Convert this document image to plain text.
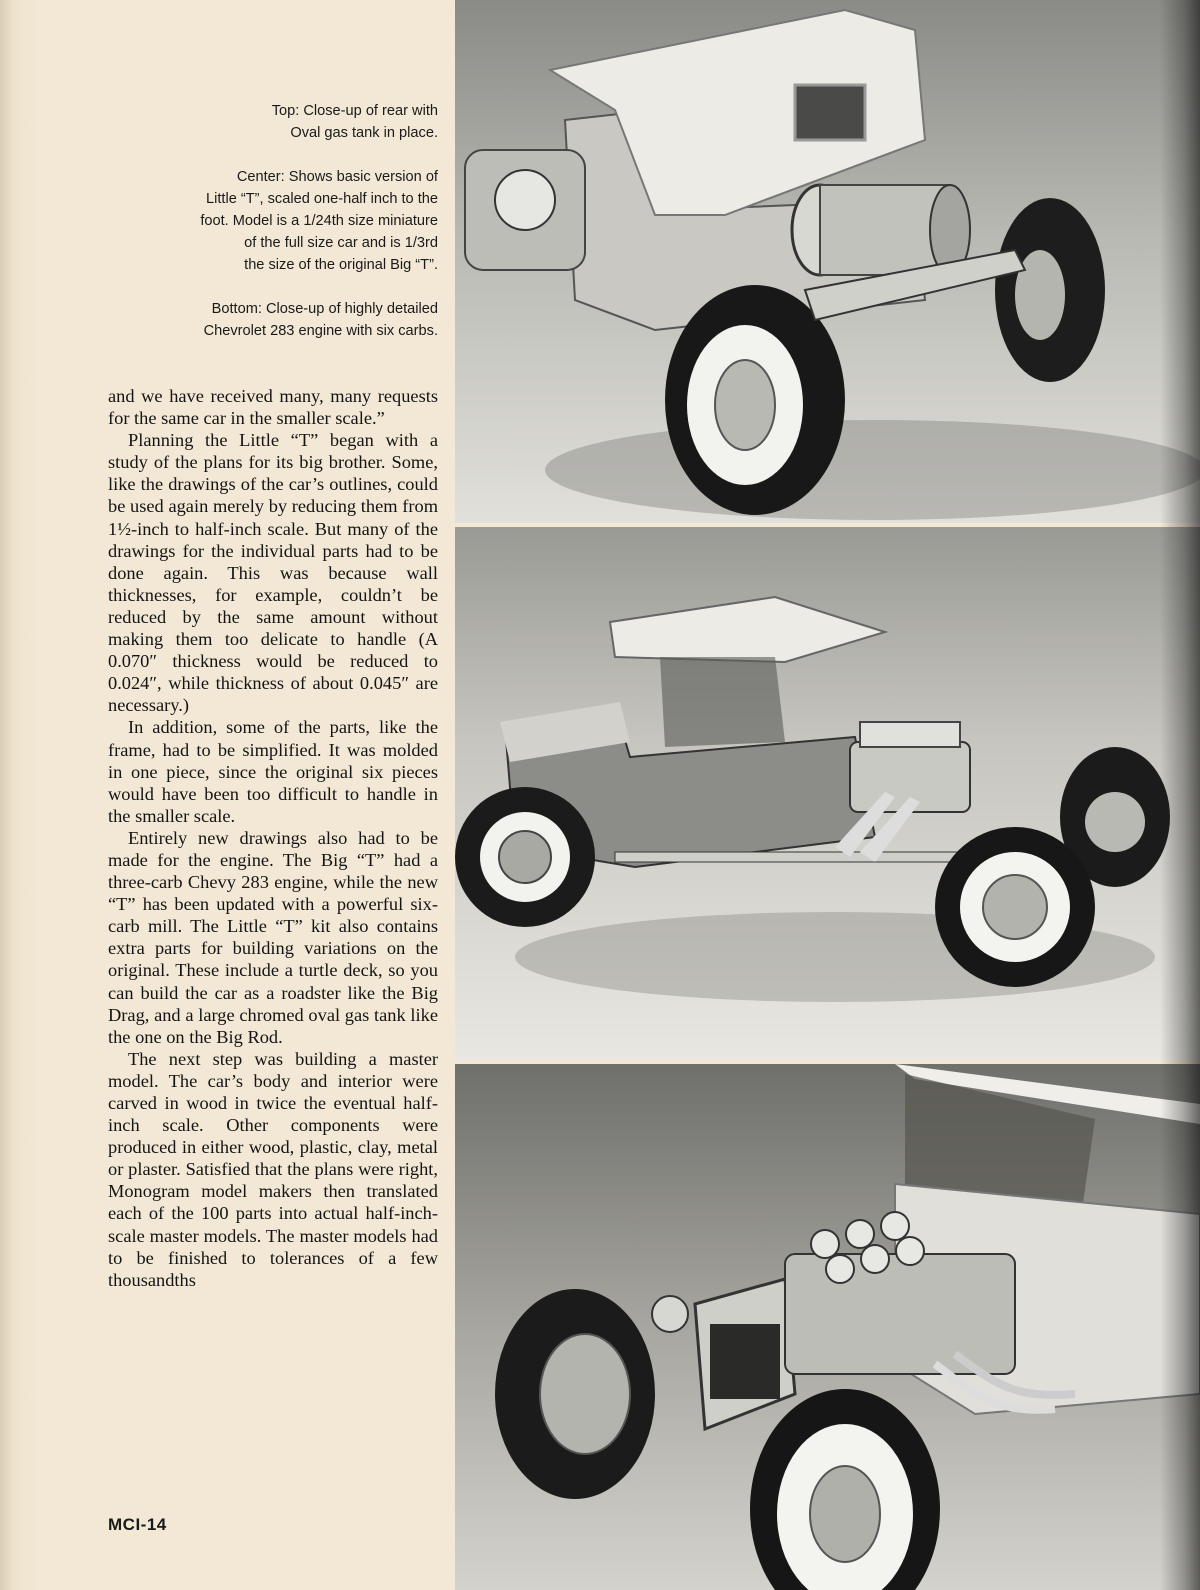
Top: Close-up of rear with
Oval gas tank in place.

Center: Shows basic version of
Little “T”, scaled one-half inch to the
foot. Model is a 1/24th size miniature
of the full size car and is 1/3rd
the size of the original Big “T”.

Bottom: Close-up of highly detailed
Chevrolet 283 engine with six carbs.

and we have received many, many requests for the same car in the smaller scale.”

Planning the Little “T” began with a study of the plans for its big brother. Some, like the drawings of the car’s outlines, could be used again merely by reducing them from 1½-inch to half-inch scale. But many of the drawings for the individual parts had to be done again. This was because wall thicknesses, for example, couldn’t be reduced by the same amount without making them too delicate to handle (A 0.070″ thickness would be reduced to 0.024″, while thickness of about 0.045″ are necessary.)

In addition, some of the parts, like the frame, had to be simplified. It was molded in one piece, since the original six pieces would have been too difficult to handle in the smaller scale.

Entirely new drawings also had to be made for the engine. The Big “T” had a three-carb Chevy 283 engine, while the new “T” has been updated with a powerful six-carb mill. The Little “T” kit also contains extra parts for building variations on the original. These include a turtle deck, so you can build the car as a roadster like the Big Drag, and a large chromed oval gas tank like the one on the Big Rod.

The next step was building a master model. The car’s body and interior were carved in wood in twice the eventual half-inch scale. Other components were produced in either wood, plastic, clay, metal or plaster. Satisfied that the plans were right, Monogram model makers then translated each of the 100 parts into actual half-inch-scale master models. The master models had to be finished to tolerances of a few thousandths

MCI-14
